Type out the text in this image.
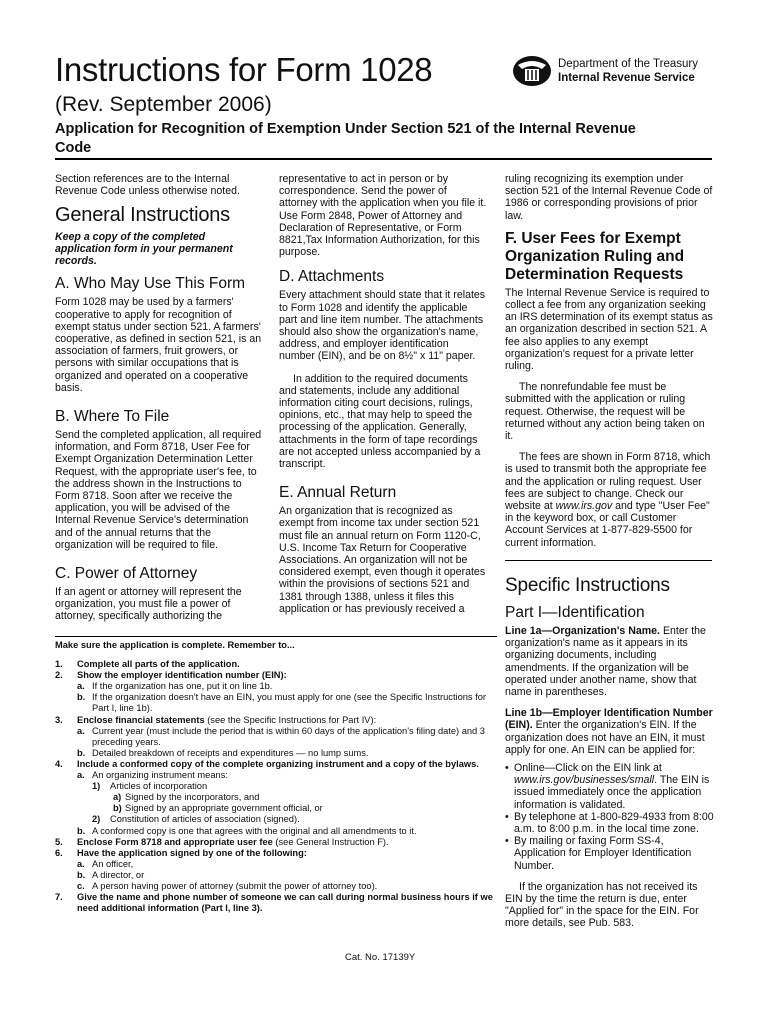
Instructions for Form 1028
(Rev. September 2006)
Application for Recognition of Exemption Under Section 521 of the Internal Revenue Code
Department of the Treasury
Internal Revenue Service

Section references are to the Internal Revenue Code unless otherwise noted.

General Instructions
Keep a copy of the completed application form in your permanent records.
A. Who May Use This Form

Form 1028 may be used by a farmers' cooperative to apply for recognition of exempt status under section 521. A farmers' cooperative, as defined in section 521, is an association of farmers, fruit growers, or persons with similar occupations that is organized and operated on a cooperative basis.

B. Where To File

Send the completed application, all required information, and Form 8718, User Fee for Exempt Organization Determination Letter Request, with the appropriate user's fee, to the address shown in the Instructions to Form 8718. Soon after we receive the application, you will be advised of the Internal Revenue Service's determination and of the annual returns that the organization will be required to file.

C. Power of Attorney

If an agent or attorney will represent the organization, you must file a power of attorney, specifically authorizing the

representative to act in person or by correspondence. Send the power of attorney with the application when you file it. Use Form 2848, Power of Attorney and Declaration of Representative, or Form 8821,Tax Information Authorization, for this purpose.

D. Attachments

Every attachment should state that it relates to Form 1028 and identify the applicable part and line item number. The attachments should also show the organization's name, address, and employer identification number (EIN), and be on 8½" x 11" paper.

In addition to the required documents and statements, include any additional information citing court decisions, rulings, opinions, etc., that may help to speed the processing of the application. Generally, attachments in the form of tape recordings are not accepted unless accompanied by a transcript.

E. Annual Return

An organization that is recognized as exempt from income tax under section 521 must file an annual return on Form 1120-C, U.S. Income Tax Return for Cooperative Associations. An organization will not be considered exempt, even though it operates within the provisions of sections 521 and 1381 through 1388, unless it files this application or has previously received a

ruling recognizing its exemption under section 521 of the Internal Revenue Code of 1986 or corresponding provisions of prior law.

F. User Fees for Exempt Organization Ruling and Determination Requests

The Internal Revenue Service is required to collect a fee from any organization seeking an IRS determination of its exempt status as an organization described in section 521. A fee also applies to any exempt organization's request for a private letter ruling.

The nonrefundable fee must be submitted with the application or ruling request. Otherwise, the request will be returned without any action being taken on it.

The fees are shown in Form 8718, which is used to transmit both the appropriate fee and the application or ruling request. User fees are subject to change. Check our website at www.irs.gov and type "User Fee" in the keyword box, or call Customer Account Services at 1-877-829-5500 for current information.

Specific Instructions
Part I—Identification

Line 1a—Organization's Name. Enter the organization's name as it appears in its organizing documents, including amendments. If the organization will be operated under another name, show that name in parentheses.

Line 1b—Employer Identification Number (EIN). Enter the organization's EIN. If the organization does not have an EIN, it must apply for one. An EIN can be applied for:

• Online—Click on the EIN link at www.irs.gov/businesses/small. The EIN is issued immediately once the application information is validated.
• By telephone at 1-800-829-4933 from 8:00 a.m. to 8:00 p.m. in the local time zone.
• By mailing or faxing Form SS-4, Application for Employer Identification Number.

If the organization has not received its EIN by the time the return is due, enter "Applied for" in the space for the EIN. For more details, see Pub. 583.

Make sure the application is complete. Remember to...
1.	Complete all parts of the application.
2.	Show the employer identification number (EIN):
a. If the organization has one, put it on line 1b.
b. If the organization doesn't have an EIN, you must apply for one (see the Specific Instructions for Part I, line 1b).
3.	Enclose financial statements (see the Specific Instructions for Part IV):
a. Current year (must include the period that is within 60 days of the application's filing date) and 3 preceding years.
b. Detailed breakdown of receipts and expenditures — no lump sums.
4.	Include a conformed copy of the complete organizing instrument and a copy of the bylaws.
a. An organizing instrument means:
1)	Articles of incorporation
a) Signed by the incorporators, and
b) Signed by an appropriate government official, or
2)	Constitution of articles of association (signed).
b. A conformed copy is one that agrees with the original and all amendments to it.
5.	Enclose Form 8718 and appropriate user fee (see General Instruction F).
6.	Have the application signed by one of the following:
a. An officer,
b. A director, or
c. A person having power of attorney (submit the power of attorney too).
7.	Give the name and phone number of someone we can call during normal business hours if we need additional information (Part I, line 3).
Cat. No. 17139Y
